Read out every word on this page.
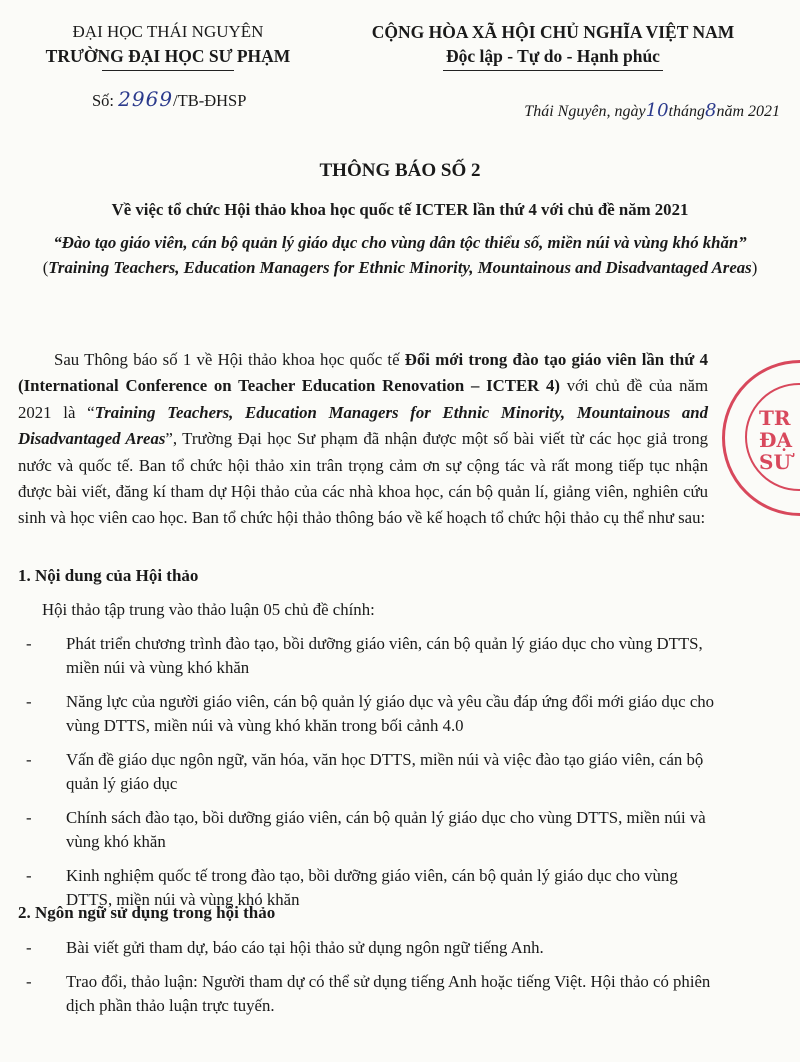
ĐẠI HỌC THÁI NGUYÊN
TRƯỜNG ĐẠI HỌC SƯ PHẠM
CỘNG HÒA XÃ HỘI CHỦ NGHĨA VIỆT NAM
Độc lập - Tự do - Hạnh phúc
Số: 2969/TB-ĐHSP
Thái Nguyên, ngày10tháng8năm 2021
THÔNG BÁO SỐ 2
Về việc tổ chức Hội thảo khoa học quốc tế ICTER lần thứ 4 với chủ đề năm 2021
“Đào tạo giáo viên, cán bộ quản lý giáo dục cho vùng dân tộc thiểu số, miền núi và vùng khó khăn” (Training Teachers, Education Managers for Ethnic Minority, Mountainous and Disadvantaged Areas)
Sau Thông báo số 1 về Hội thảo khoa học quốc tế Đổi mới trong đào tạo giáo viên lần thứ 4 (International Conference on Teacher Education Renovation – ICTER 4) với chủ đề của năm 2021 là “Training Teachers, Education Managers for Ethnic Minority, Mountainous and Disadvantaged Areas”, Trường Đại học Sư phạm đã nhận được một số bài viết từ các học giả trong nước và quốc tế. Ban tổ chức hội thảo xin trân trọng cảm ơn sự cộng tác và rất mong tiếp tục nhận được bài viết, đăng kí tham dự Hội thảo của các nhà khoa học, cán bộ quản lí, giảng viên, nghiên cứu sinh và học viên cao học. Ban tổ chức hội thảo thông báo về kế hoạch tổ chức hội thảo cụ thể như sau:
TR
ĐẠ
SƯ
1. Nội dung của Hội thảo
Hội thảo tập trung vào thảo luận 05 chủ đề chính:
- Phát triển chương trình đào tạo, bồi dưỡng giáo viên, cán bộ quản lý giáo dục cho vùng DTTS, miền núi và vùng khó khăn
- Năng lực của người giáo viên, cán bộ quản lý giáo dục và yêu cầu đáp ứng đổi mới giáo dục cho vùng DTTS, miền núi và vùng khó khăn trong bối cảnh 4.0
- Vấn đề giáo dục ngôn ngữ, văn hóa, văn học DTTS, miền núi và việc đào tạo giáo viên, cán bộ quản lý giáo dục
- Chính sách đào tạo, bồi dưỡng giáo viên, cán bộ quản lý giáo dục cho vùng DTTS, miền núi và vùng khó khăn
- Kinh nghiệm quốc tế trong đào tạo, bồi dưỡng giáo viên, cán bộ quản lý giáo dục cho vùng DTTS, miền núi và vùng khó khăn
2. Ngôn ngữ sử dụng trong hội thảo
- Bài viết gửi tham dự, báo cáo tại hội thảo sử dụng ngôn ngữ tiếng Anh.
- Trao đổi, thảo luận: Người tham dự có thể sử dụng tiếng Anh hoặc tiếng Việt. Hội thảo có phiên dịch phần thảo luận trực tuyến.
